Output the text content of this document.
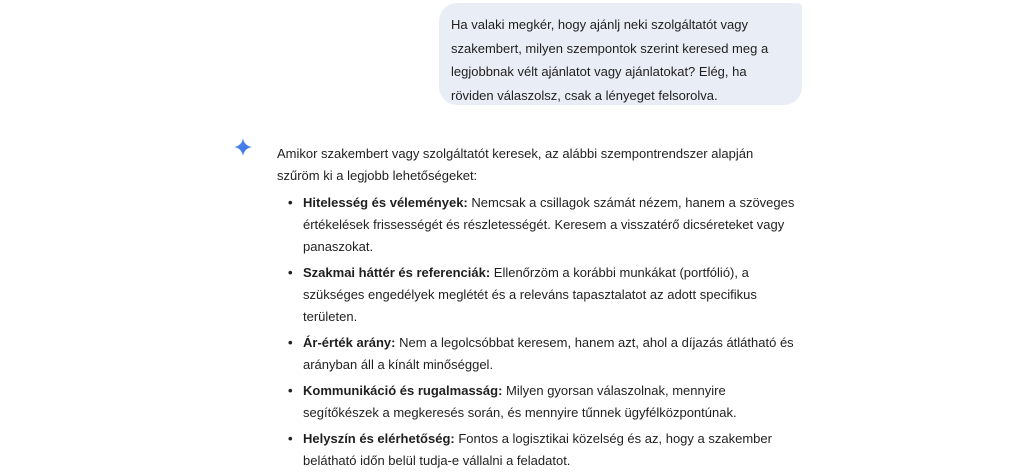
Ha valaki megkér, hogy ajánlj neki szolgáltatót vagy szakembert, milyen szempontok szerint keresed meg a legjobbnak vélt ajánlatot vagy ajánlatokat? Elég, ha röviden válaszolsz, csak a lényeget felsorolva.

Amikor szakembert vagy szolgáltatót keresek, az alábbi szempontrendszer alapján szűröm ki a legjobb lehetőségeket:

• Hitelesség és vélemények: Nemcsak a csillagok számát nézem, hanem a szöveges értékelések frissességét és részletességét. Keresem a visszatérő dicséreteket vagy panaszokat.
• Szakmai háttér és referenciák: Ellenőrzöm a korábbi munkákat (portfólió), a szükséges engedélyek meglétét és a releváns tapasztalatot az adott specifikus területen.
• Ár-érték arány: Nem a legolcsóbbat keresem, hanem azt, ahol a díjazás átlátható és arányban áll a kínált minőséggel.
• Kommunikáció és rugalmasság: Milyen gyorsan válaszolnak, mennyire segítőkészek a megkeresés során, és mennyire tűnnek ügyfélközpontúnak.
• Helyszín és elérhetőség: Fontos a logisztikai közelség és az, hogy a szakember belátható időn belül tudja-e vállalni a feladatot.
